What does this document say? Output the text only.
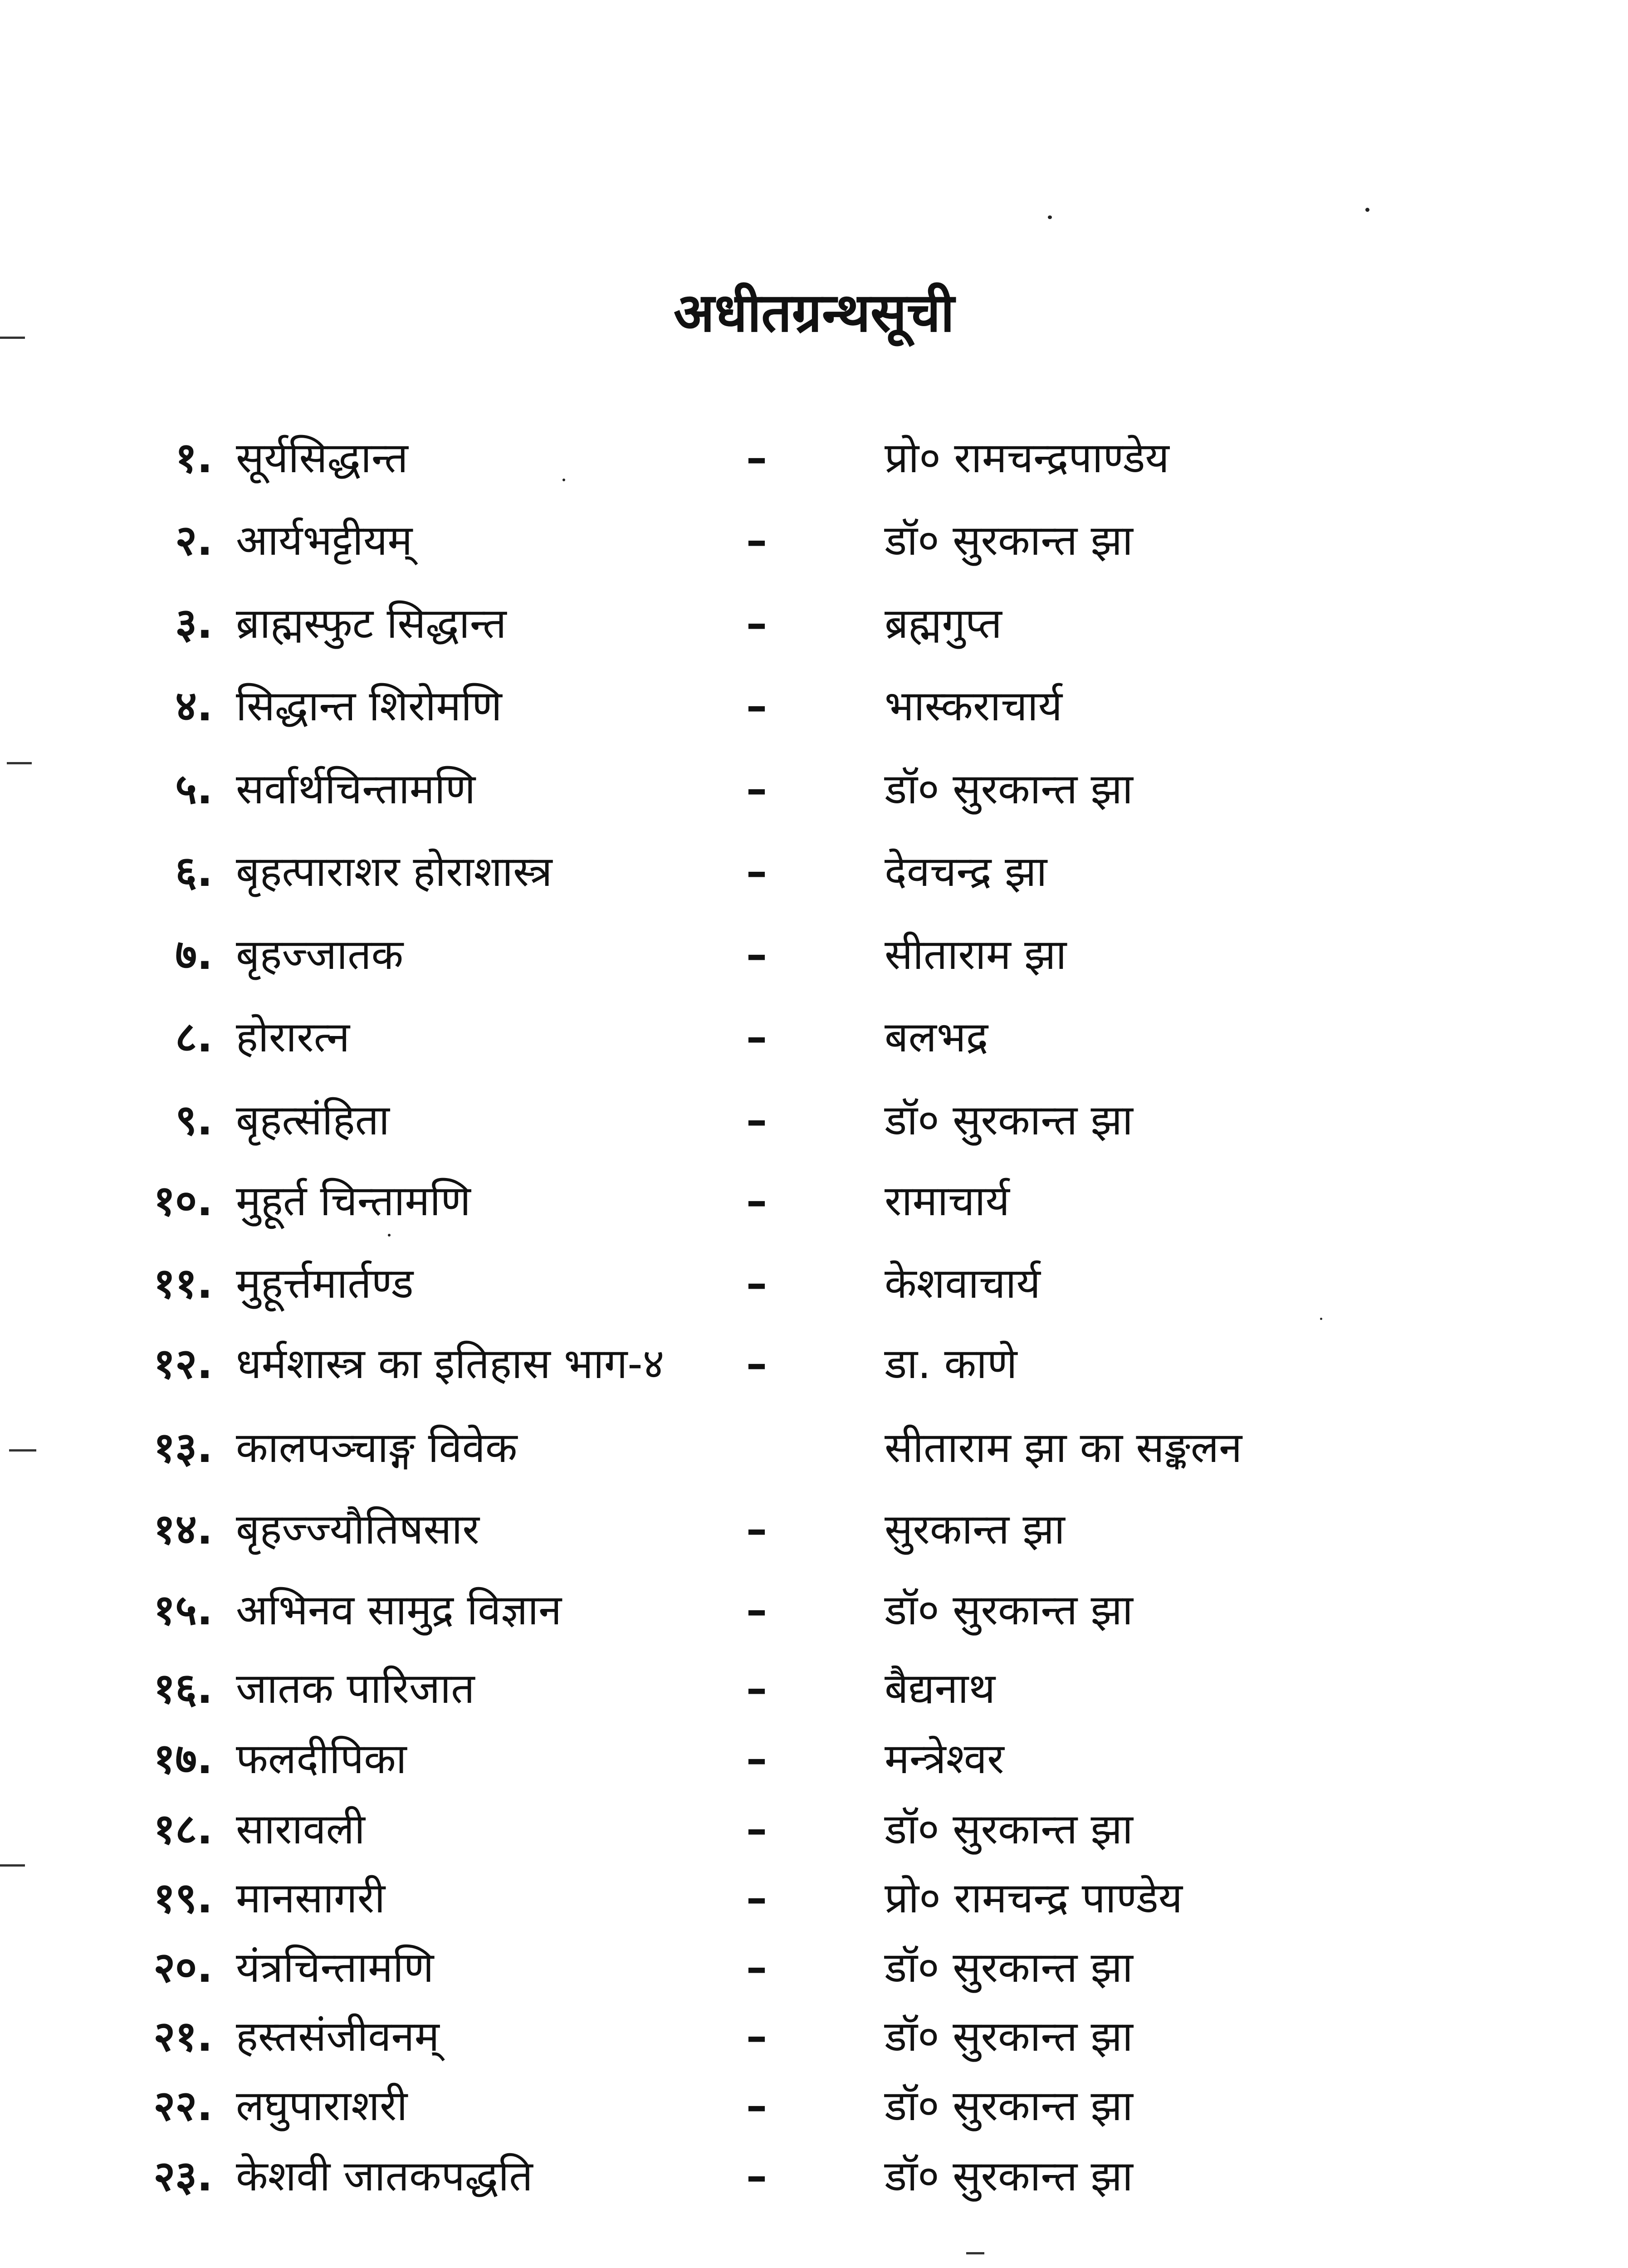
अधीतग्रन्थसूची
१. सूर्यसिद्धान्त	–	प्रो० रामचन्द्रपाण्डेय
२. आर्यभट्टीयम्	–	डॉ० सुरकान्त झा
३. ब्राह्मस्फुट सिद्धान्त	–	ब्रह्मगुप्त
४. सिद्धान्त शिरोमणि	–	भास्कराचार्य
५. सर्वार्थचिन्तामणि	–	डॉ० सुरकान्त झा
६. बृहत्पाराशर होराशास्त्र	–	देवचन्द्र झा
७. बृहज्जातक	–	सीताराम झा
८. होरारत्न	–	बलभद्र
९. बृहत्संहिता	–	डॉ० सुरकान्त झा
१०. मुहूर्त चिन्तामणि	–	रामाचार्य
११. मुहूर्त्तमार्तण्ड	–	केशवाचार्य
१२. धर्मशास्त्र का इतिहास भाग-४ –	डा. काणे
१३. कालपञ्चाङ्ग विवेक	सीताराम झा का सङ्कलन
१४. बृहज्ज्यौतिषसार	–	सुरकान्त झा
१५. अभिनव सामुद्र विज्ञान	–	डॉ० सुरकान्त झा
१६. जातक पारिजात	–	बैद्यनाथ
१७. फलदीपिका	–	मन्त्रेश्वर
१८. सारावली	–	डॉ० सुरकान्त झा
१९. मानसागरी	–	प्रो० रामचन्द्र पाण्डेय
२०. यंत्रचिन्तामणि	–	डॉ० सुरकान्त झा
२१. हस्तसंजीवनम्	–	डॉ० सुरकान्त झा
२२. लघुपाराशरी	–	डॉ० सुरकान्त झा
२३. केशवी जातकपद्धति	–	डॉ० सुरकान्त झा
